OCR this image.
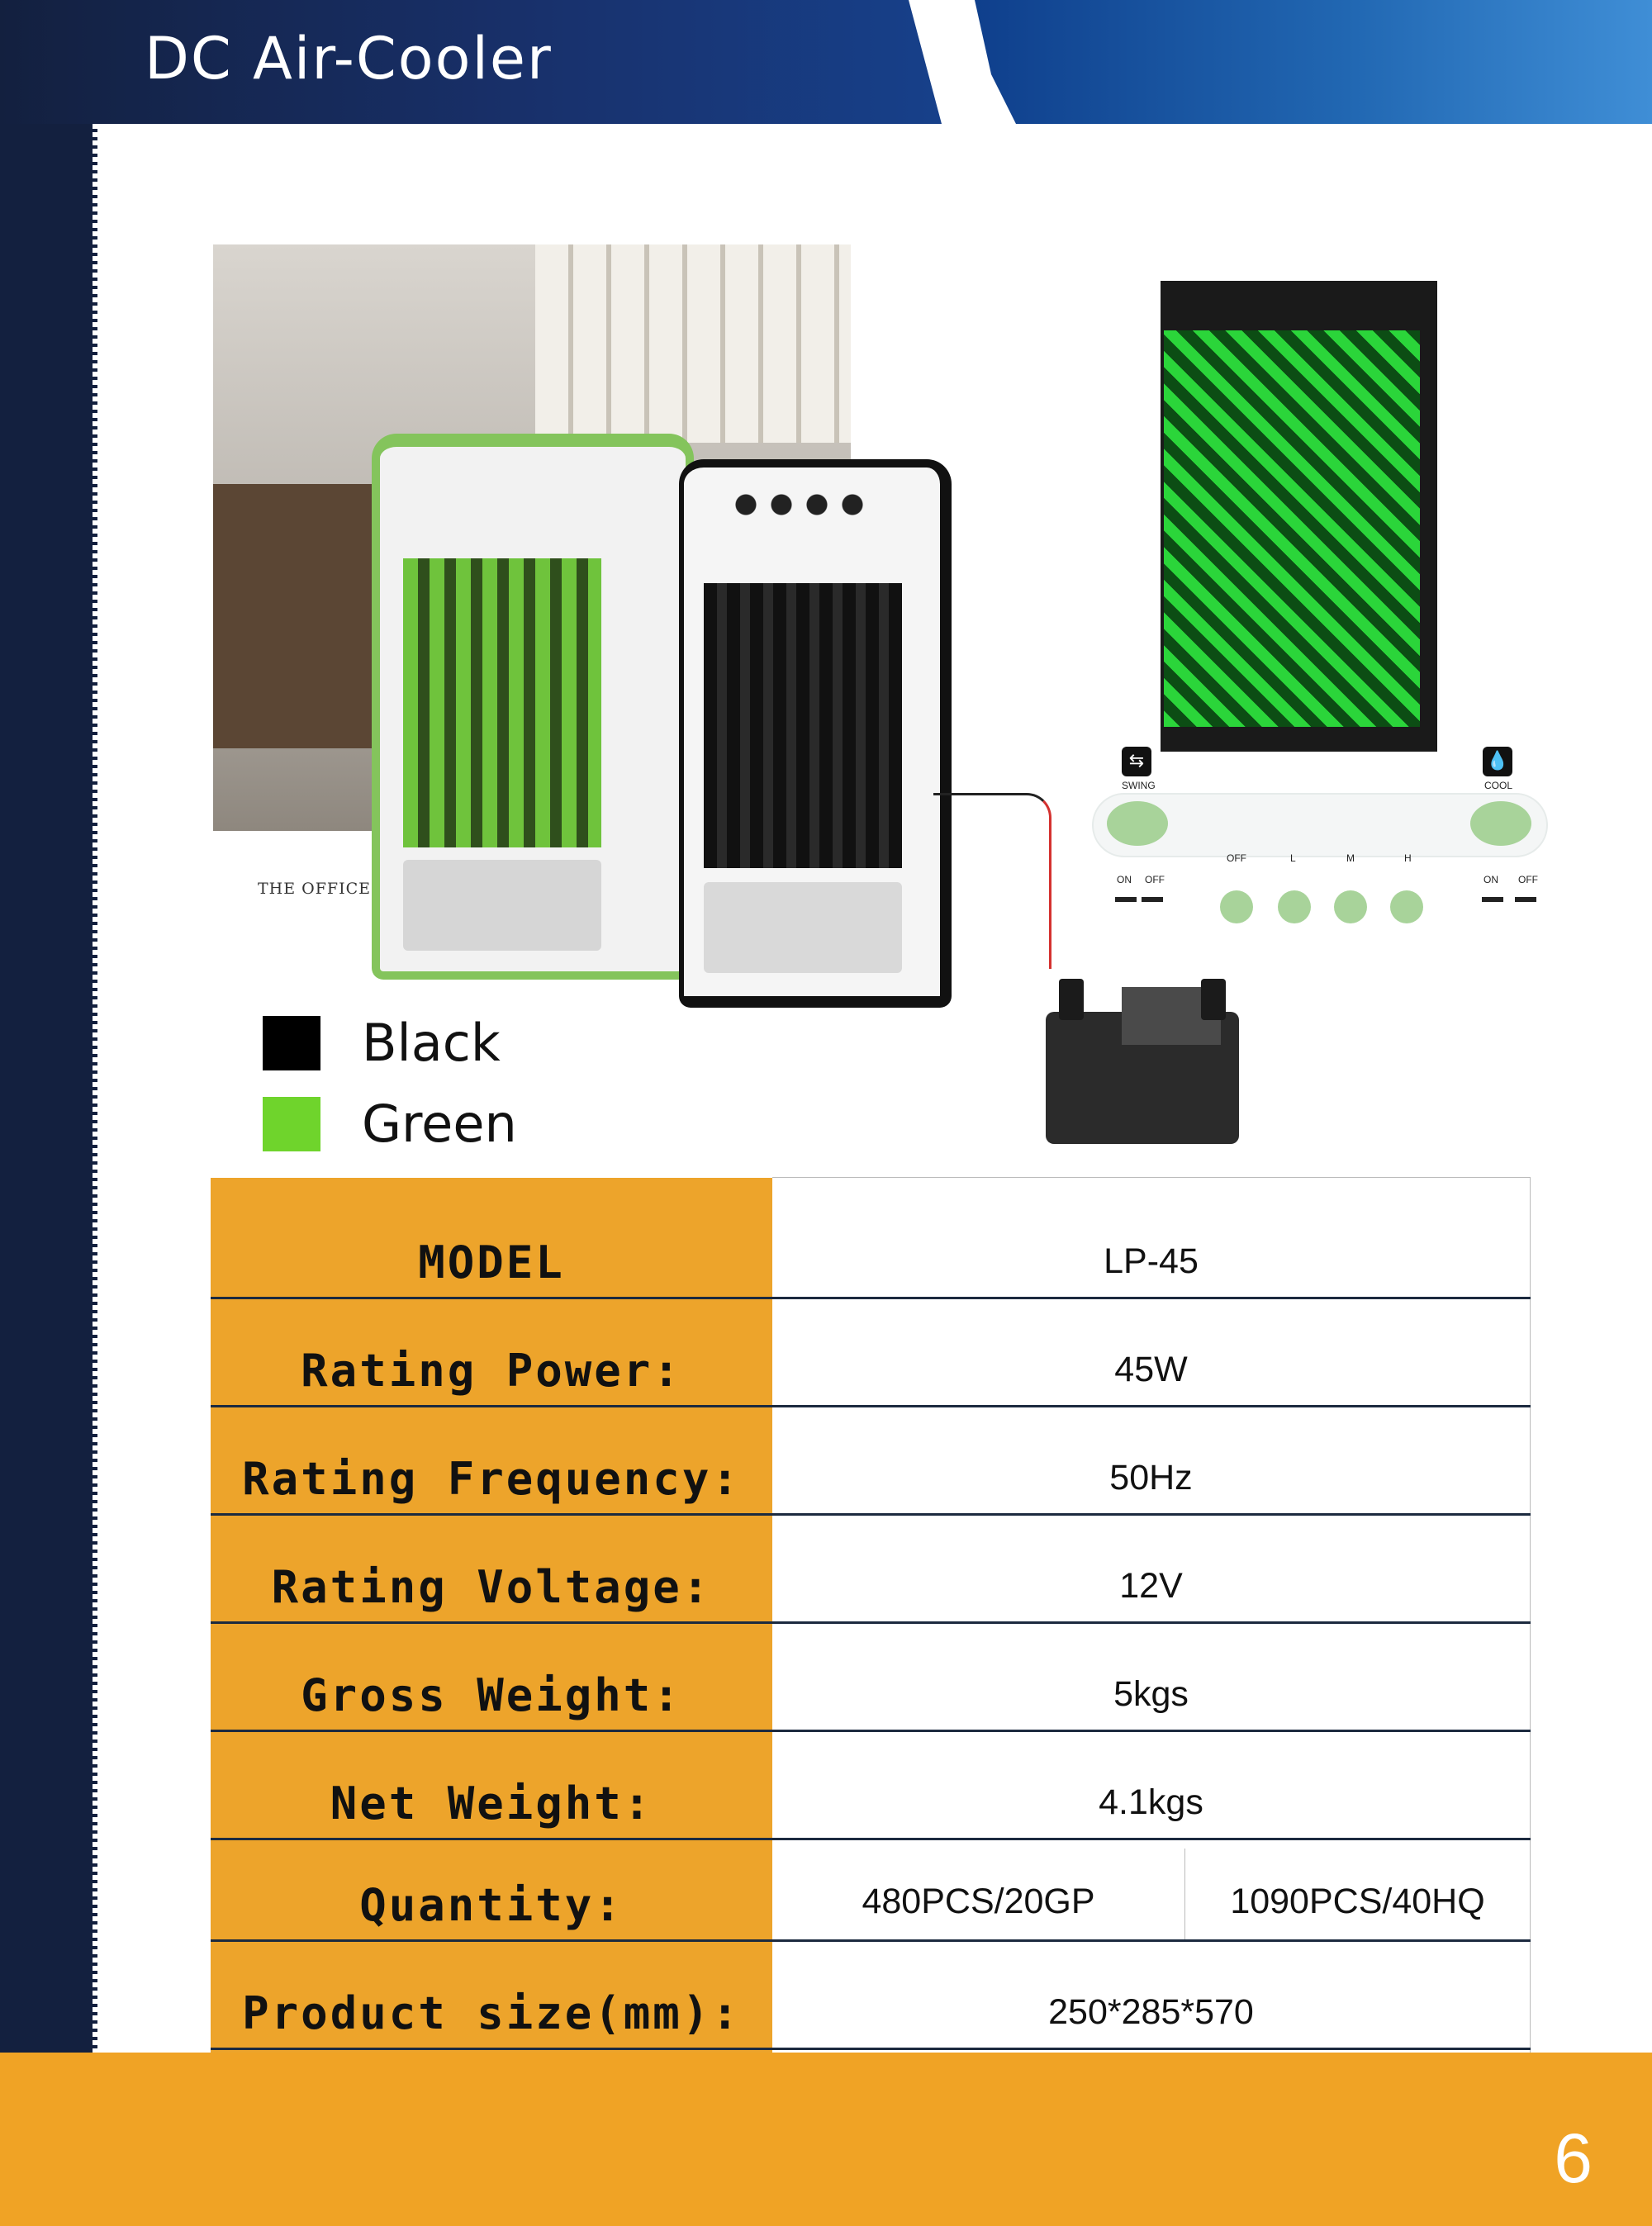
DC Air-Cooler
THE OFFICE
⇆
SWING
💧
COOL
ON OFF
OFF	L	M	H
ON OFF
Black
Green
MODEL	LP-45
Rating Power:	45W
Rating Frequency:	50Hz
Rating Voltage:	12V
Gross Weight:	5kgs
Net Weight:	4.1kgs
Quantity:	480PCS/20GP 1090PCS/40HQ

Product size(mm):	250*285*570

6
